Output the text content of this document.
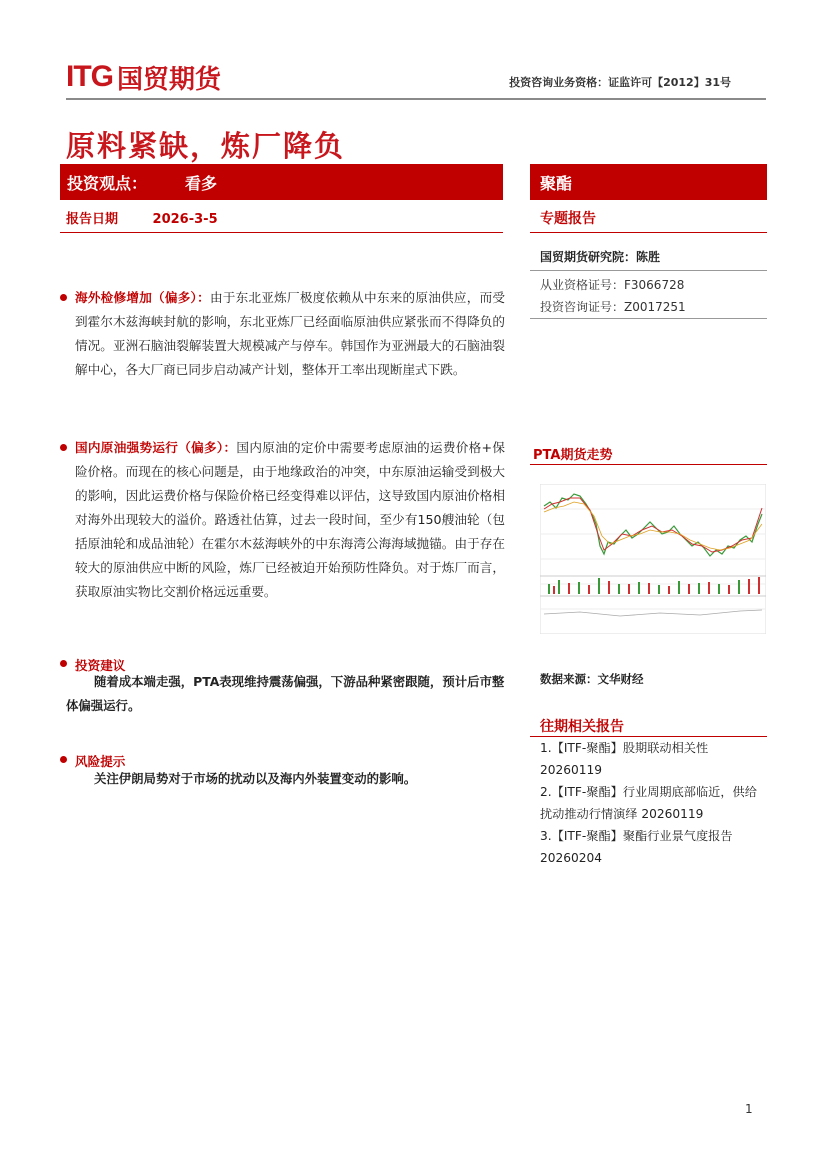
ITG 国贸期货	投资咨询业务资格：证监许可【2012】31号
原料紧缺，炼厂降负
投资观点： 看多	聚酯
报告日期	2026-3-5	专题报告
国贸期货研究院：陈胜
从业资格证号：F3066728
投资咨询证号：Z0017251
海外检修增加（偏多）：由于东北亚炼厂极度依赖从中东来的原油供应，而受到霍尔木兹海峡封航的影响，东北亚炼厂已经面临原油供应紧张而不得降负的情况。亚洲石脑油裂解装置大规模减产与停车。韩国作为亚洲最大的石脑油裂解中心，各大厂商已同步启动减产计划，整体开工率出现断崖式下跌。
国内原油强势运行（偏多）：国内原油的定价中需要考虑原油的运费价格+保险价格。而现在的核心问题是，由于地缘政治的冲突，中东原油运输受到极大的影响，因此运费价格与保险价格已经变得难以评估，这导致国内原油价格相对海外出现较大的溢价。路透社估算，过去一段时间，至少有150艘油轮（包括原油轮和成品油轮）在霍尔木兹海峡外的中东海湾公海海域抛锚。由于存在较大的原油供应中断的风险，炼厂已经被迫开始预防性降负。对于炼厂而言，获取原油实物比交割价格远远重要。
投资建议
随着成本端走强，PTA表现维持震荡偏强，下游品种紧密跟随，预计后市整体偏强运行。
风险提示
关注伊朗局势对于市场的扰动以及海内外装置变动的影响。
PTA期货走势
数据来源：文华财经
往期相关报告
1.【ITF-聚酯】股期联动相关性 20260119
2.【ITF-聚酯】行业周期底部临近，供给扰动推动行情演绎 20260119
3.【ITF-聚酯】聚酯行业景气度报告 20260204
1
